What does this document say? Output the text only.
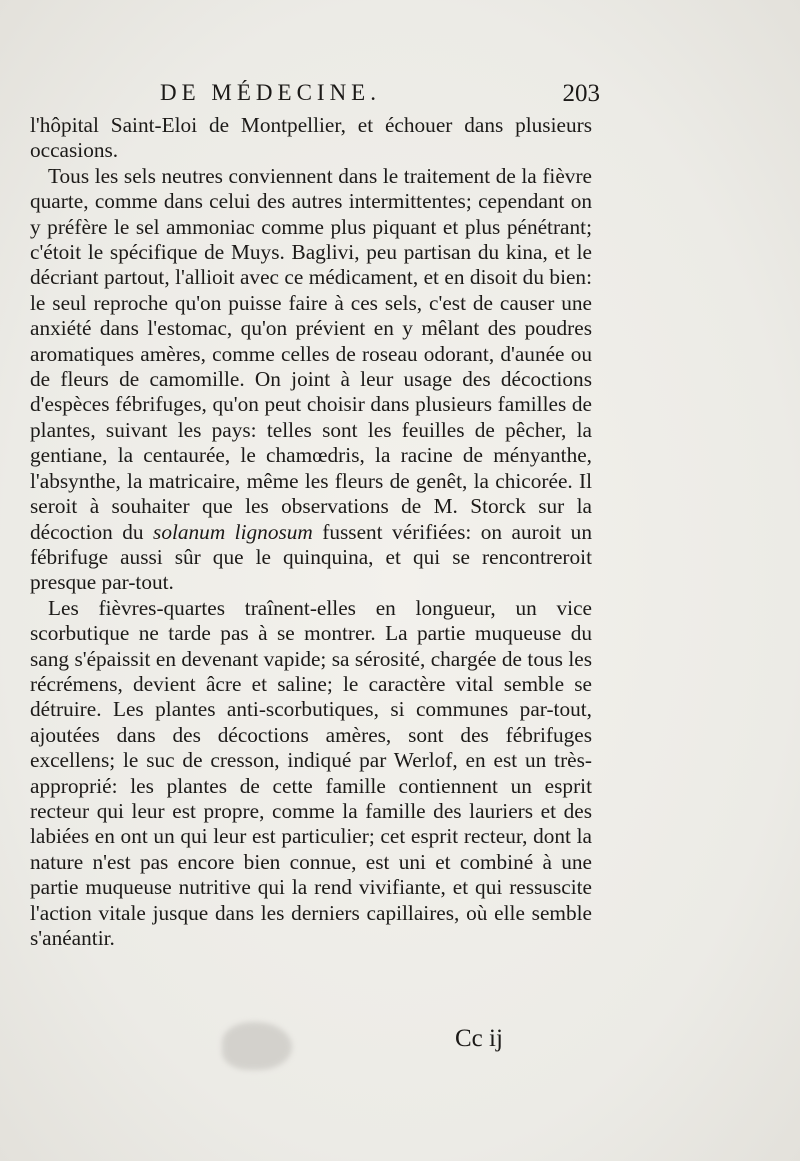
DE MÉDECINE.	203

l'hôpital Saint-Eloi de Montpellier, et échouer dans plusieurs occasions.

Tous les sels neutres conviennent dans le traitement de la fièvre quarte, comme dans celui des autres intermittentes; cependant on y préfère le sel ammoniac comme plus piquant et plus pénétrant; c'étoit le spécifique de Muys. Baglivi, peu partisan du kina, et le décriant partout, l'allioit avec ce médicament, et en disoit du bien: le seul reproche qu'on puisse faire à ces sels, c'est de causer une anxiété dans l'estomac, qu'on prévient en y mêlant des poudres aromatiques amères, comme celles de roseau odorant, d'aunée ou de fleurs de camomille. On joint à leur usage des décoctions d'espèces fébrifuges, qu'on peut choisir dans plusieurs familles de plantes, suivant les pays: telles sont les feuilles de pêcher, la gentiane, la centaurée, le chamœdris, la racine de ményanthe, l'absynthe, la matricaire, même les fleurs de genêt, la chicorée. Il seroit à souhaiter que les observations de M. Storck sur la décoction du solanum lignosum fussent vérifiées: on auroit un fébrifuge aussi sûr que le quinquina, et qui se rencontreroit presque par-tout.

Les fièvres-quartes traînent-elles en longueur, un vice scorbutique ne tarde pas à se montrer. La partie muqueuse du sang s'épaissit en devenant vapide; sa sérosité, chargée de tous les récrémens, devient âcre et saline; le caractère vital semble se détruire. Les plantes anti-scorbutiques, si communes par-tout, ajoutées dans des décoctions amères, sont des fébrifuges excellens; le suc de cresson, indiqué par Werlof, en est un très-approprié: les plantes de cette famille contiennent un esprit recteur qui leur est propre, comme la famille des lauriers et des labiées en ont un qui leur est particulier; cet esprit recteur, dont la nature n'est pas encore bien connue, est uni et combiné à une partie muqueuse nutritive qui la rend vivifiante, et qui ressuscite l'action vitale jusque dans les derniers capillaires, où elle semble s'anéantir.

Cc ij
